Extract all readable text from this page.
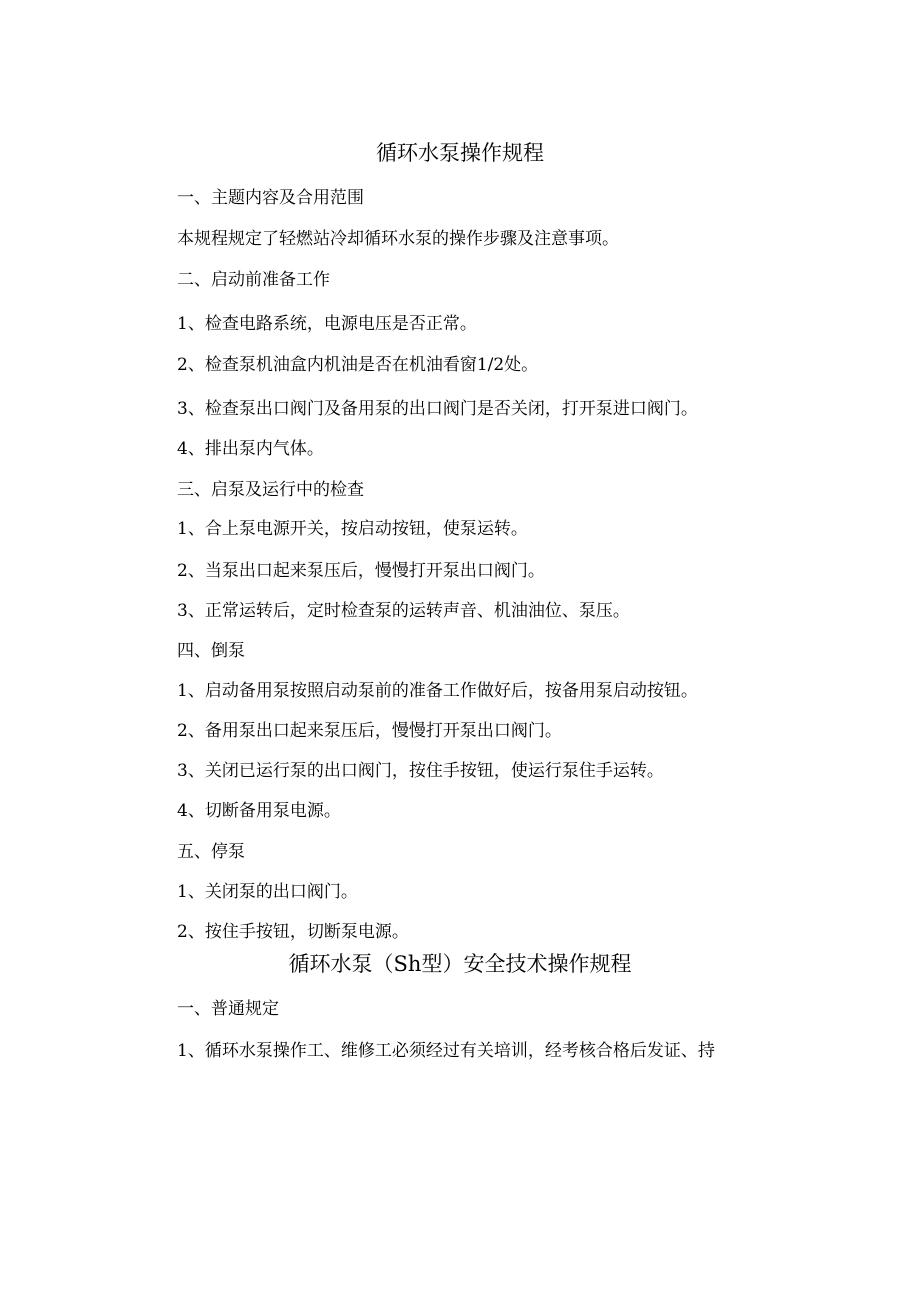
循环水泵操作规程
一、主题内容及合用范围
本规程规定了轻燃站冷却循环水泵的操作步骤及注意事项。
二、启动前准备工作
1、检查电路系统，电源电压是否正常。
2、检查泵机油盒内机油是否在机油看窗1/2处。
3、检查泵出口阀门及备用泵的出口阀门是否关闭，打开泵进口阀门。
4、排出泵内气体。
三、启泵及运行中的检查
1、合上泵电源开关，按启动按钮，使泵运转。
2、当泵出口起来泵压后，慢慢打开泵出口阀门。
3、正常运转后，定时检查泵的运转声音、机油油位、泵压。
四、倒泵
1、启动备用泵按照启动泵前的准备工作做好后，按备用泵启动按钮。
2、备用泵出口起来泵压后，慢慢打开泵出口阀门。
3、关闭已运行泵的出口阀门，按住手按钮，使运行泵住手运转。
4、切断备用泵电源。
五、停泵
1、关闭泵的出口阀门。
2、按住手按钮，切断泵电源。
循环水泵（Sh型）安全技术操作规程
一、普通规定
1、循环水泵操作工、维修工必须经过有关培训，经考核合格后发证、持
